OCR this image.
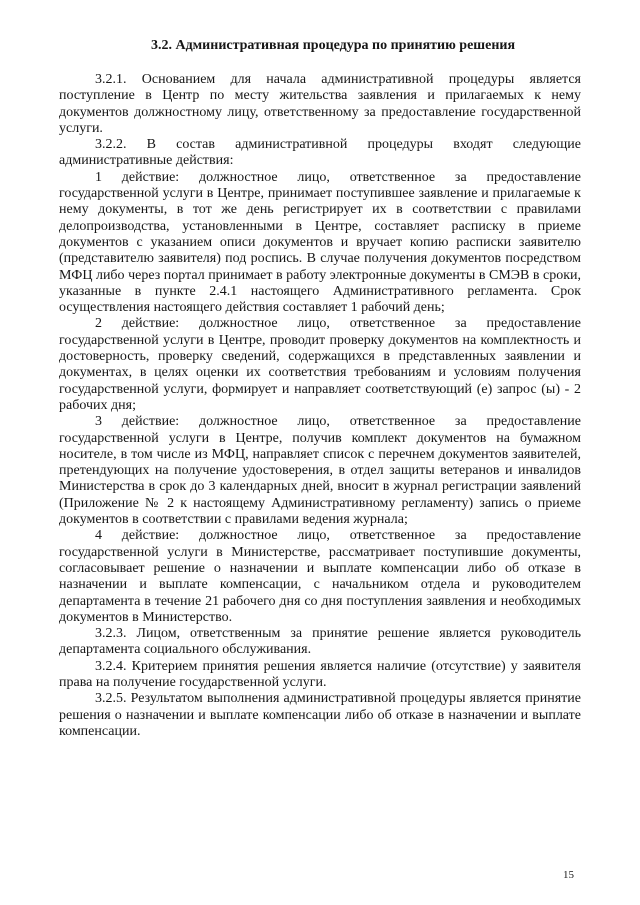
3.2. Административная процедура по принятию решения

3.2.1. Основанием для начала административной процедуры является поступление в Центр по месту жительства заявления и прилагаемых к нему документов должностному лицу, ответственному за предоставление государственной услуги.

3.2.2. В состав административной процедуры входят следующие административные действия:

1 действие: должностное лицо, ответственное за предоставление государственной услуги в Центре, принимает поступившее заявление и прилагаемые к нему документы, в тот же день регистрирует их в соответствии с правилами делопроизводства, установленными в Центре, составляет расписку в приеме документов с указанием описи документов и вручает копию расписки заявителю (представителю заявителя) под роспись. В случае получения документов посредством МФЦ либо через портал принимает в работу электронные документы в СМЭВ в сроки, указанные в пункте 2.4.1 настоящего Административного регламента. Срок осуществления настоящего действия составляет 1 рабочий день;

2 действие: должностное лицо, ответственное за предоставление государственной услуги в Центре, проводит проверку документов на комплектность и достоверность, проверку сведений, содержащихся в представленных заявлении и документах, в целях оценки их соответствия требованиям и условиям получения государственной услуги, формирует и направляет соответствующий (е) запрос (ы) - 2 рабочих дня;

3 действие: должностное лицо, ответственное за предоставление государственной услуги в Центре, получив комплект документов на бумажном носителе, в том числе из МФЦ, направляет список с перечнем документов заявителей, претендующих на получение удостоверения, в отдел защиты ветеранов и инвалидов Министерства в срок до 3 календарных дней, вносит в журнал регистрации заявлений (Приложение № 2 к настоящему Административному регламенту) запись о приеме документов в соответствии с правилами ведения журнала;

4 действие: должностное лицо, ответственное за предоставление государственной услуги в Министерстве, рассматривает поступившие документы, согласовывает решение о назначении и выплате компенсации либо об отказе в назначении и выплате компенсации, с начальником отдела и руководителем департамента в течение 21 рабочего дня со дня поступления заявления и необходимых документов в Министерство.

3.2.3. Лицом, ответственным за принятие решение является руководитель департамента социального обслуживания.

3.2.4. Критерием принятия решения является наличие (отсутствие) у заявителя права на получение государственной услуги.

3.2.5. Результатом выполнения административной процедуры является принятие решения о назначении и выплате компенсации либо об отказе в назначении и выплате компенсации.

15
